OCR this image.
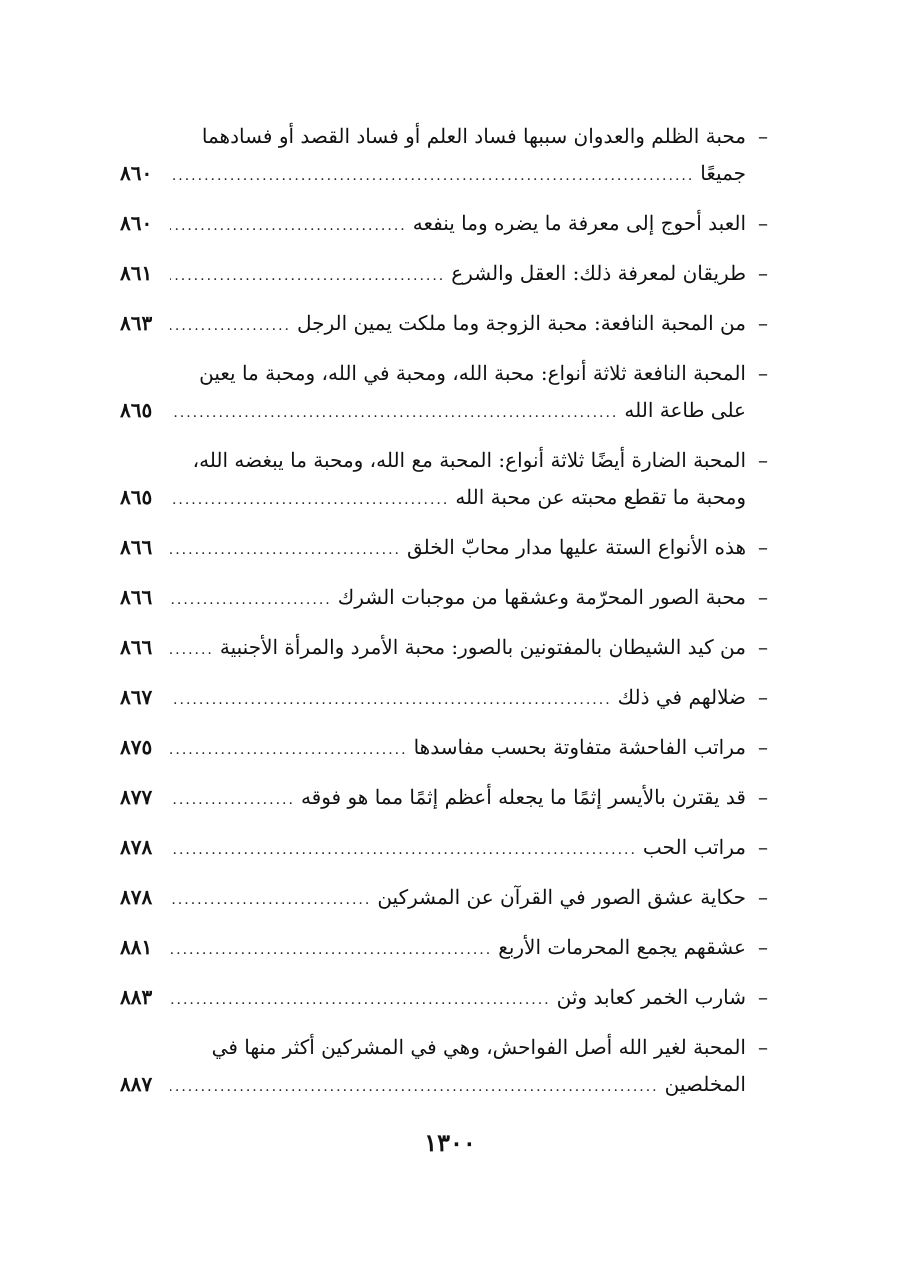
–
محبة الظلم والعدوان سببها فساد العلم أو فساد القصد أو فسادهما
جميعًا
.....
٨٦٠
–
العبد أحوج إلى معرفة ما يضره وما ينفعه
.....
٨٦٠
–
طريقان لمعرفة ذلك: العقل والشرع
.....
٨٦١
–
من المحبة النافعة: محبة الزوجة وما ملكت يمين الرجل
.....
٨٦٣
–
المحبة النافعة ثلاثة أنواع: محبة الله، ومحبة في الله، ومحبة ما يعين
على طاعة الله
.....
٨٦٥
–
المحبة الضارة أيضًا ثلاثة أنواع: المحبة مع الله، ومحبة ما يبغضه الله،
ومحبة ما تقطع محبته عن محبة الله
.....
٨٦٥
–
هذه الأنواع الستة عليها مدار محابّ الخلق
.....
٨٦٦
–
محبة الصور المحرّمة وعشقها من موجبات الشرك
.....
٨٦٦
–
من كيد الشيطان بالمفتونين بالصور: محبة الأمرد والمرأة الأجنبية
.....
٨٦٦
–
ضلالهم في ذلك
.....
٨٦٧
–
مراتب الفاحشة متفاوتة بحسب مفاسدها
.....
٨٧٥
–
قد يقترن بالأيسر إثمًا ما يجعله أعظم إثمًا مما هو فوقه
.....
٨٧٧
–
مراتب الحب
.....
٨٧٨
–
حكاية عشق الصور في القرآن عن المشركين
.....
٨٧٨
–
عشقهم يجمع المحرمات الأربع
.....
٨٨١
–
شارب الخمر كعابد وثن
.....
٨٨٣
–
المحبة لغير الله أصل الفواحش، وهي في المشركين أكثر منها في
المخلصين
.....
٨٨٧
١٣٠٠
